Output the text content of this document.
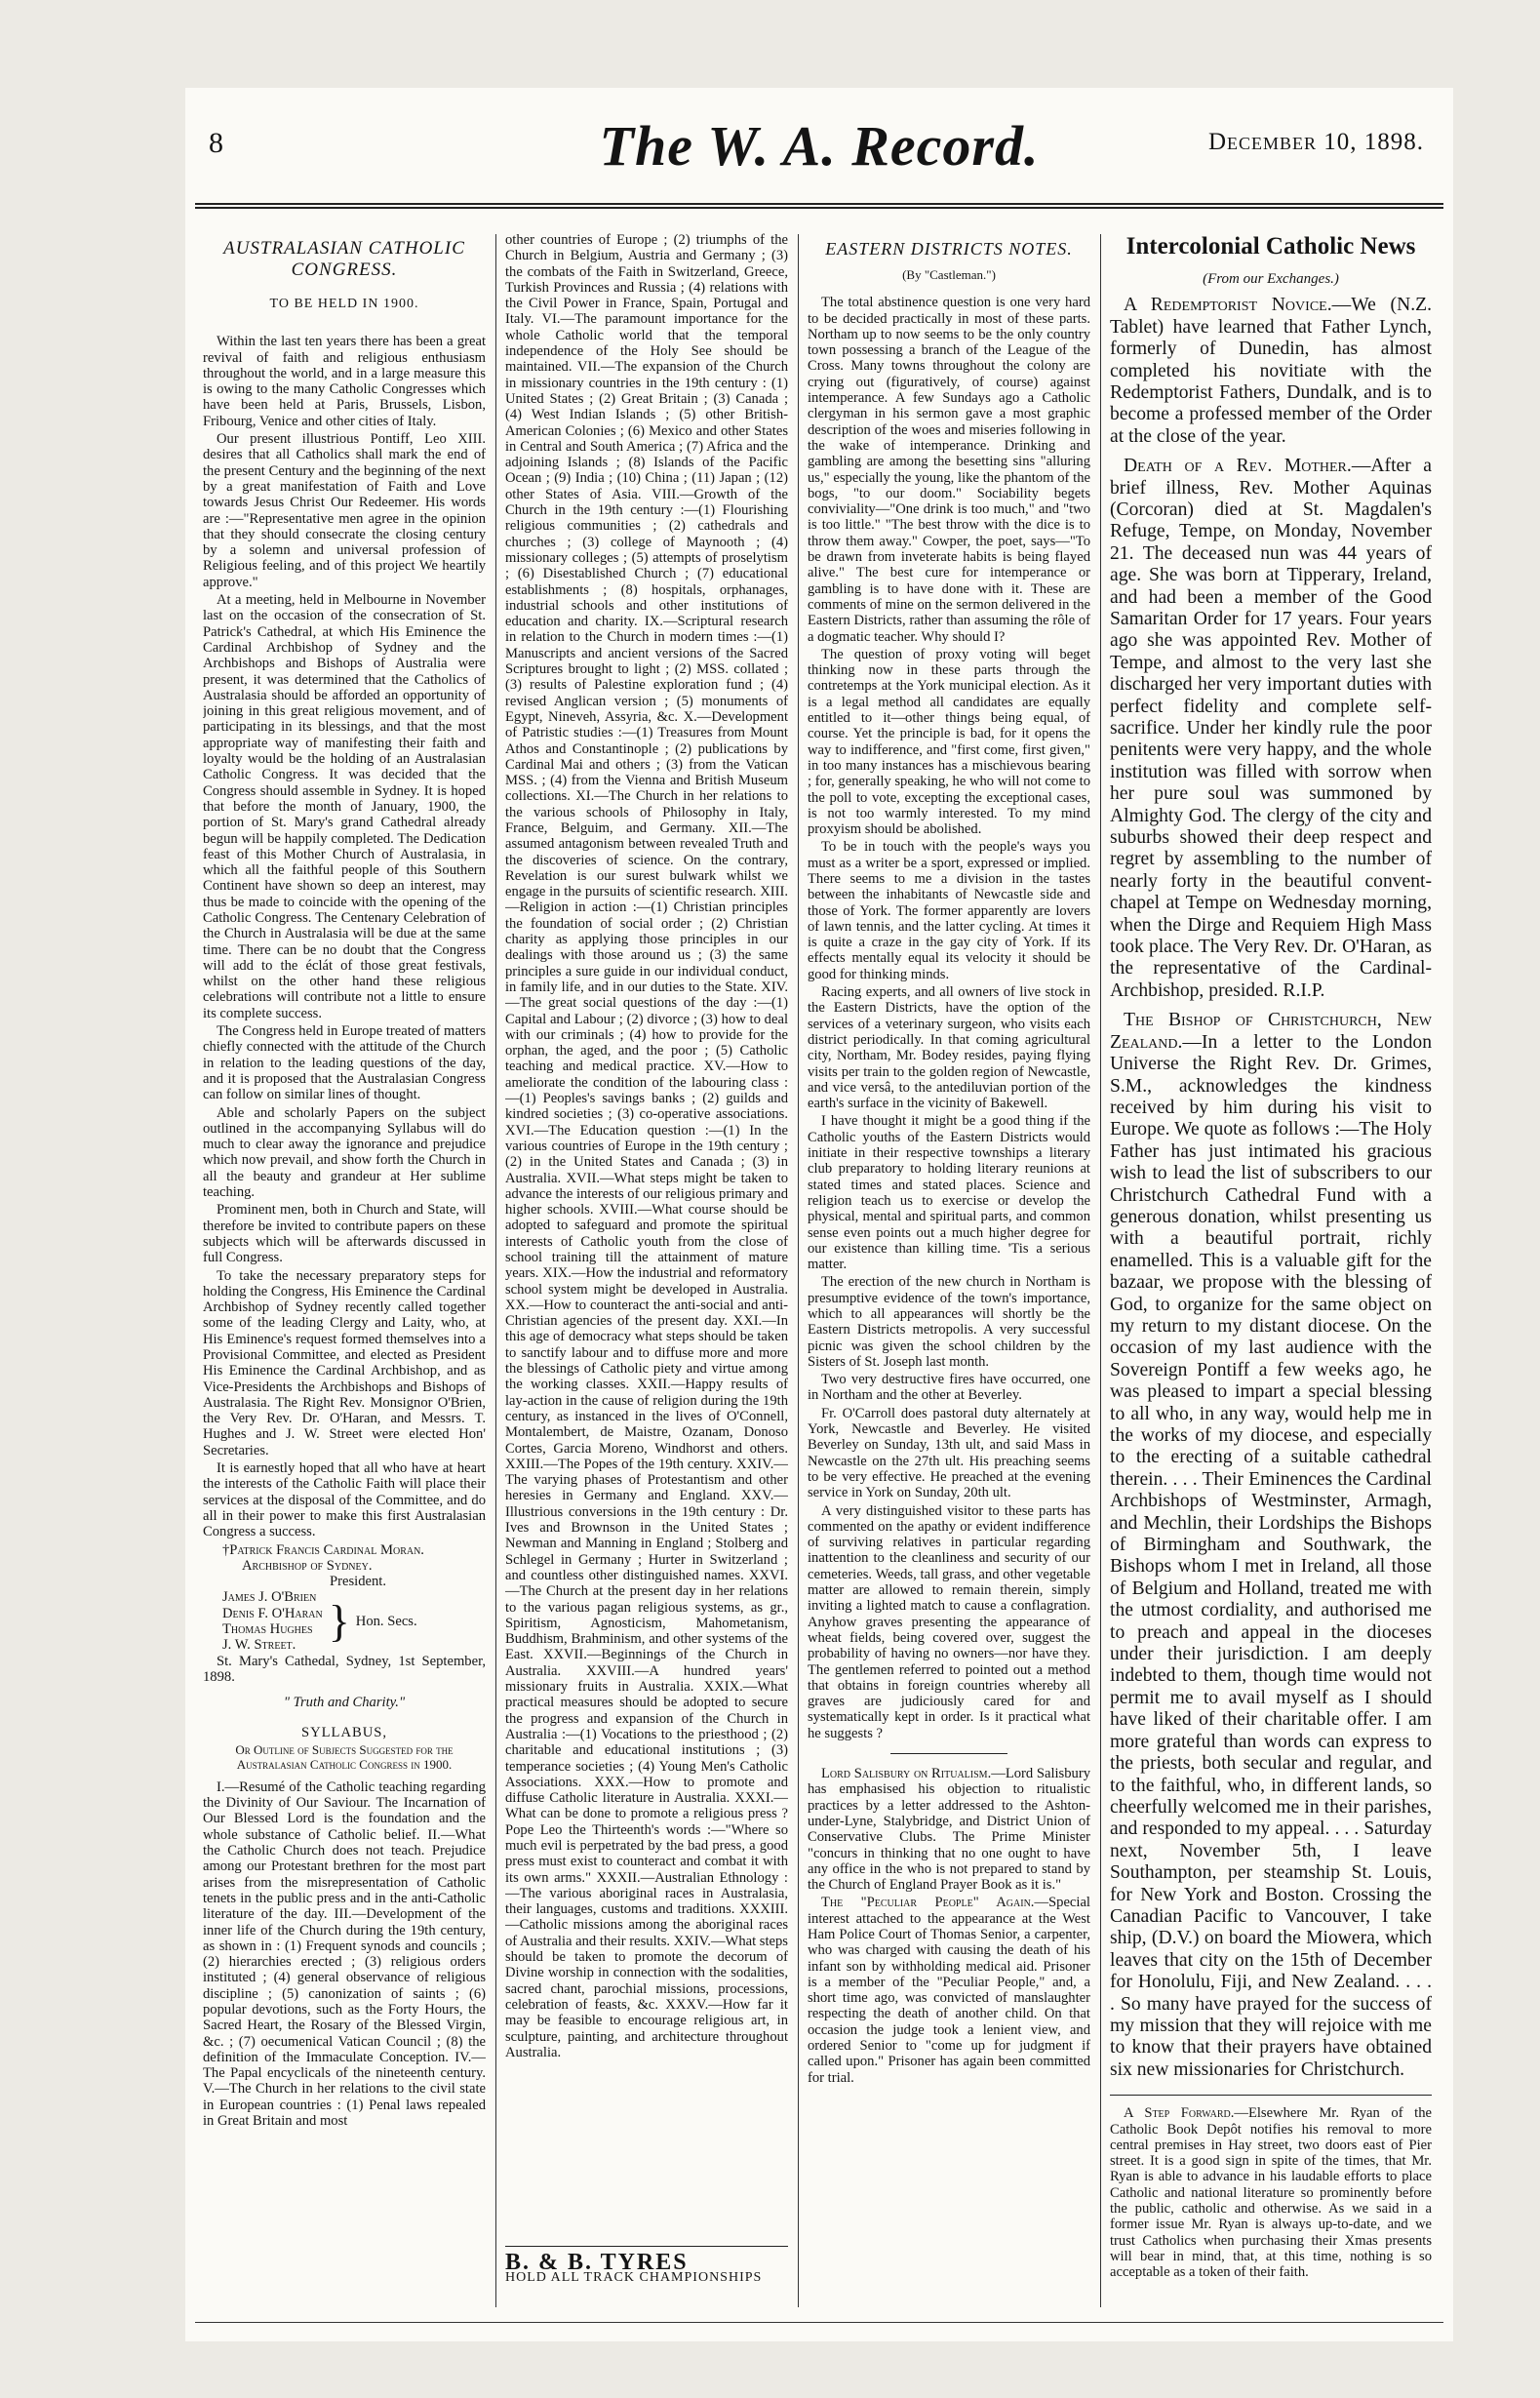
8	The W. A. Record.	December 10, 1898.
AUSTRALASIAN CATHOLIC
CONGRESS.
TO BE HELD IN 1900.
Within the last ten years there has been a great revival of faith and religious enthusiasm throughout the world, and in a large measure this is owing to the many Catholic Congresses which have been held at Paris, Brussels, Lisbon, Fribourg, Venice and other cities of Italy.
Our present illustrious Pontiff, Leo XIII. desires that all Catholics shall mark the end of the present Century and the beginning of the next by a great manifestation of Faith and Love towards Jesus Christ Our Redeemer. His words are :—"Representative men agree in the opinion that they should consecrate the closing century by a solemn and universal profession of Religious feeling, and of this project We heartily approve."
At a meeting, held in Melbourne in November last on the occasion of the consecration of St. Patrick's Cathedral, at which His Eminence the Cardinal Archbishop of Sydney and the Archbishops and Bishops of Australia were present, it was determined that the Catholics of Australasia should be afforded an opportunity of joining in this great religious movement, and of participating in its blessings, and that the most appropriate way of manifesting their faith and loyalty would be the holding of an Australasian Catholic Congress. It was decided that the Congress should assemble in Sydney. It is hoped that before the month of January, 1900, the portion of St. Mary's grand Cathedral already begun will be happily completed. The Dedication feast of this Mother Church of Australasia, in which all the faithful people of this Southern Continent have shown so deep an interest, may thus be made to coincide with the opening of the Catholic Congress. The Centenary Celebration of the Church in Australasia will be due at the same time. There can be no doubt that the Congress will add to the éclát of those great festivals, whilst on the other hand these religious celebrations will contribute not a little to ensure its complete success.
The Congress held in Europe treated of matters chiefly connected with the attitude of the Church in relation to the leading questions of the day, and it is proposed that the Australasian Congress can follow on similar lines of thought.
Able and scholarly Papers on the subject outlined in the accompanying Syllabus will do much to clear away the ignorance and prejudice which now prevail, and show forth the Church in all the beauty and grandeur at Her sublime teaching.
Prominent men, both in Church and State, will therefore be invited to contribute papers on these subjects which will be afterwards discussed in full Congress.
To take the necessary preparatory steps for holding the Congress, His Eminence the Cardinal Archbishop of Sydney recently called together some of the leading Clergy and Laity, who, at His Eminence's request formed themselves into a Provisional Committee, and elected as President His Eminence the Cardinal Archbishop, and as Vice-Presidents the Archbishops and Bishops of Australasia. The Right Rev. Monsignor O'Brien, the Very Rev. Dr. O'Haran, and Messrs. T. Hughes and J. W. Street were elected Hon' Secretaries.
It is earnestly hoped that all who have at heart the interests of the Catholic Faith will place their services at the disposal of the Committee, and do all in their power to make this first Australasian Congress a success.
†Patrick Francis Cardinal Moran.
Archbishop of Sydney.
President.
James J. O'Brien
Denis F. O'Haran
Thomas Hughes
J. W. Street. } Hon. Secs.
St. Mary's Cathedal, Sydney, 1st September, 1898.
" Truth and Charity."
SYLLABUS,
Or Outline of Subjects Suggested for the Australasian Catholic Congress in 1900.
I.—Resumé of the Catholic teaching regarding the Divinity of Our Saviour. The Incarnation of Our Blessed Lord is the foundation and the whole substance of Catholic belief. II.—What the Catholic Church does not teach. Prejudice among our Protestant brethren for the most part arises from the misrepresentation of Catholic tenets in the public press and in the anti-Catholic literature of the day. III.—Development of the inner life of the Church during the 19th century, as shown in : (1) Frequent synods and councils ; (2) hierarchies erected ; (3) religious orders instituted ; (4) general observance of religious discipline ; (5) canonization of saints ; (6) popular devotions, such as the Forty Hours, the Sacred Heart, the Rosary of the Blessed Virgin, &c. ; (7) oecumenical Vatican Council ; (8) the definition of the Immaculate Conception. IV.—The Papal encyclicals of the nineteenth century. V.—The Church in her relations to the civil state in European countries : (1) Penal laws repealed in Great Britain and most
other countries of Europe ; (2) triumphs of the Church in Belgium, Austria and Germany ; (3) the combats of the Faith in Switzerland, Greece, Turkish Provinces and Russia ; (4) relations with the Civil Power in France, Spain, Portugal and Italy. VI.—The paramount importance for the whole Catholic world that the temporal independence of the Holy See should be maintained. VII.—The expansion of the Church in missionary countries in the 19th century : (1) United States ; (2) Great Britain ; (3) Canada ; (4) West Indian Islands ; (5) other British-American Colonies ; (6) Mexico and other States in Central and South America ; (7) Africa and the adjoining Islands ; (8) Islands of the Pacific Ocean ; (9) India ; (10) China ; (11) Japan ; (12) other States of Asia. VIII.—Growth of the Church in the 19th century :—(1) Flourishing religious communities ; (2) cathedrals and churches ; (3) college of Maynooth ; (4) missionary colleges ; (5) attempts of proselytism ; (6) Disestablished Church ; (7) educational establishments ; (8) hospitals, orphanages, industrial schools and other institutions of education and charity. IX.—Scriptural research in relation to the Church in modern times :—(1) Manuscripts and ancient versions of the Sacred Scriptures brought to light ; (2) MSS. collated ; (3) results of Palestine exploration fund ; (4) revised Anglican version ; (5) monuments of Egypt, Nineveh, Assyria, &c. X.—Development of Patristic studies :—(1) Treasures from Mount Athos and Constantinople ; (2) publications by Cardinal Mai and others ; (3) from the Vatican MSS. ; (4) from the Vienna and British Museum collections. XI.—The Church in her relations to the various schools of Philosophy in Italy, France, Belguim, and Germany. XII.—The assumed antagonism between revealed Truth and the discoveries of science. On the contrary, Revelation is our surest bulwark whilst we engage in the pursuits of scientific research. XIII.—Religion in action :—(1) Christian principles the foundation of social order ; (2) Christian charity as applying those principles in our dealings with those around us ; (3) the same principles a sure guide in our individual conduct, in family life, and in our duties to the State. XIV.—The great social questions of the day :—(1) Capital and Labour ; (2) divorce ; (3) how to deal with our criminals ; (4) how to provide for the orphan, the aged, and the poor ; (5) Catholic teaching and medical practice. XV.—How to ameliorate the condition of the labouring class :—(1) Peoples's savings banks ; (2) guilds and kindred societies ; (3) co-operative associations. XVI.—The Education question :—(1) In the various countries of Europe in the 19th century ; (2) in the United States and Canada ; (3) in Australia. XVII.—What steps might be taken to advance the interests of our religious primary and higher schools. XVIII.—What course should be adopted to safeguard and promote the spiritual interests of Catholic youth from the close of school training till the attainment of mature years. XIX.—How the industrial and reformatory school system might be developed in Australia. XX.—How to counteract the anti-social and anti-Christian agencies of the present day. XXI.—In this age of democracy what steps should be taken to sanctify labour and to diffuse more and more the blessings of Catholic piety and virtue among the working classes. XXII.—Happy results of lay-action in the cause of religion during the 19th century, as instanced in the lives of O'Connell, Montalembert, de Maistre, Ozanam, Donoso Cortes, Garcia Moreno, Windhorst and others. XXIII.—The Popes of the 19th century. XXIV.—The varying phases of Protestantism and other heresies in Germany and England. XXV.—Illustrious conversions in the 19th century : Dr. Ives and Brownson in the United States ; Newman and Manning in England ; Stolberg and Schlegel in Germany ; Hurter in Switzerland ; and countless other distinguished names. XXVI.—The Church at the present day in her relations to the various pagan religious systems, as gr., Spiritism, Agnosticism, Mahometanism, Buddhism, Brahminism, and other systems of the East. XXVII.—Beginnings of the Church in Australia. XXVIII.—A hundred years' missionary fruits in Australia. XXIX.—What practical measures should be adopted to secure the progress and expansion of the Church in Australia :—(1) Vocations to the priesthood ; (2) charitable and educational institutions ; (3) temperance societies ; (4) Young Men's Catholic Associations. XXX.—How to promote and diffuse Catholic literature in Australia. XXXI.—What can be done to promote a religious press ? Pope Leo the Thirteenth's words :—"Where so much evil is perpetrated by the bad press, a good press must exist to counteract and combat it with its own arms." XXXII.—Australian Ethnology :—The various aboriginal races in Australasia, their languages, customs and traditions. XXXIII.—Catholic missions among the aboriginal races of Australia and their results. XXIV.—What steps should be taken to promote the decorum of Divine worship in connection with the sodalities, sacred chant, parochial missions, processions, celebration of feasts, &c. XXXV.—How far it may be feasible to encourage religious art, in sculpture, painting, and architecture throughout Australia.
B. & B. TYRES
HOLD ALL TRACK CHAMPIONSHIPS
EASTERN DISTRICTS NOTES.
(By "Castleman.")
The total abstinence question is one very hard to be decided practically in most of these parts. Northam up to now seems to be the only country town possessing a branch of the League of the Cross. Many towns throughout the colony are crying out (figuratively, of course) against intemperance. A few Sundays ago a Catholic clergyman in his sermon gave a most graphic description of the woes and miseries following in the wake of intemperance. Drinking and gambling are among the besetting sins "alluring us," especially the young, like the phantom of the bogs, "to our doom." Sociability begets conviviality—"One drink is too much," and "two is too little." "The best throw with the dice is to throw them away." Cowper, the poet, says—"To be drawn from inveterate habits is being flayed alive." The best cure for intemperance or gambling is to have done with it. These are comments of mine on the sermon delivered in the Eastern Districts, rather than assuming the rôle of a dogmatic teacher. Why should I?
The question of proxy voting will beget thinking now in these parts through the contretemps at the York municipal election. As it is a legal method all candidates are equally entitled to it—other things being equal, of course. Yet the principle is bad, for it opens the way to indifference, and "first come, first given," in too many instances has a mischievous bearing ; for, generally speaking, he who will not come to the poll to vote, excepting the exceptional cases, is not too warmly interested. To my mind proxyism should be abolished.
To be in touch with the people's ways you must as a writer be a sport, expressed or implied. There seems to me a division in the tastes between the inhabitants of Newcastle side and those of York. The former apparently are lovers of lawn tennis, and the latter cycling. At times it is quite a craze in the gay city of York. If its effects mentally equal its velocity it should be good for thinking minds.
Racing experts, and all owners of live stock in the Eastern Districts, have the option of the services of a veterinary surgeon, who visits each district periodically. In that coming agricultural city, Northam, Mr. Bodey resides, paying flying visits per train to the golden region of Newcastle, and vice versâ, to the antediluvian portion of the earth's surface in the vicinity of Bakewell.
I have thought it might be a good thing if the Catholic youths of the Eastern Districts would initiate in their respective townships a literary club preparatory to holding literary reunions at stated times and stated places. Science and religion teach us to exercise or develop the physical, mental and spiritual parts, and common sense even points out a much higher degree for our existence than killing time. 'Tis a serious matter.
The erection of the new church in Northam is presumptive evidence of the town's importance, which to all appearances will shortly be the Eastern Districts metropolis. A very successful picnic was given the school children by the Sisters of St. Joseph last month.
Two very destructive fires have occurred, one in Northam and the other at Beverley.
Fr. O'Carroll does pastoral duty alternately at York, Newcastle and Beverley. He visited Beverley on Sunday, 13th ult, and said Mass in Newcastle on the 27th ult. His preaching seems to be very effective. He preached at the evening service in York on Sunday, 20th ult.
A very distinguished visitor to these parts has commented on the apathy or evident indifference of surviving relatives in particular regarding inattention to the cleanliness and security of our cemeteries. Weeds, tall grass, and other vegetable matter are allowed to remain therein, simply inviting a lighted match to cause a conflagration. Anyhow graves presenting the appearance of wheat fields, being covered over, suggest the probability of having no owners—nor have they. The gentlemen referred to pointed out a method that obtains in foreign countries whereby all graves are judiciously cared for and systematically kept in order. Is it practical what he suggests ?
Lord Salisbury on Ritualism.—Lord Salisbury has emphasised his objection to ritualistic practices by a letter addressed to the Ashton-under-Lyne, Stalybridge, and District Union of Conservative Clubs. The Prime Minister "concurs in thinking that no one ought to have any office in the who is not prepared to stand by the Church of England Prayer Book as it is."
The "Peculiar People" Again.—Special interest attached to the appearance at the West Ham Police Court of Thomas Senior, a carpenter, who was charged with causing the death of his infant son by withholding medical aid. Prisoner is a member of the "Peculiar People," and, a short time ago, was convicted of manslaughter respecting the death of another child. On that occasion the judge took a lenient view, and ordered Senior to "come up for judgment if called upon." Prisoner has again been committed for trial.
Intercolonial Catholic News
(From our Exchanges.)
A Redemptorist Novice.—We (N.Z. Tablet) have learned that Father Lynch, formerly of Dunedin, has almost completed his novitiate with the Redemptorist Fathers, Dundalk, and is to become a professed member of the Order at the close of the year.
Death of a Rev. Mother.—After a brief illness, Rev. Mother Aquinas (Corcoran) died at St. Magdalen's Refuge, Tempe, on Monday, November 21. The deceased nun was 44 years of age. She was born at Tipperary, Ireland, and had been a member of the Good Samaritan Order for 17 years. Four years ago she was appointed Rev. Mother of Tempe, and almost to the very last she discharged her very important duties with perfect fidelity and complete self-sacrifice. Under her kindly rule the poor penitents were very happy, and the whole institution was filled with sorrow when her pure soul was summoned by Almighty God. The clergy of the city and suburbs showed their deep respect and regret by assembling to the number of nearly forty in the beautiful convent-chapel at Tempe on Wednesday morning, when the Dirge and Requiem High Mass took place. The Very Rev. Dr. O'Haran, as the representative of the Cardinal-Archbishop, presided. R.I.P.
The Bishop of Christchurch, New Zealand.—In a letter to the London Universe the Right Rev. Dr. Grimes, S.M., acknowledges the kindness received by him during his visit to Europe. We quote as follows :—The Holy Father has just intimated his gracious wish to lead the list of subscribers to our Christchurch Cathedral Fund with a generous donation, whilst presenting us with a beautiful portrait, richly enamelled. This is a valuable gift for the bazaar, we propose with the blessing of God, to organize for the same object on my return to my distant diocese. On the occasion of my last audience with the Sovereign Pontiff a few weeks ago, he was pleased to impart a special blessing to all who, in any way, would help me in the works of my diocese, and especially to the erecting of a suitable cathedral therein. . . . Their Eminences the Cardinal Archbishops of Westminster, Armagh, and Mechlin, their Lordships the Bishops of Birmingham and Southwark, the Bishops whom I met in Ireland, all those of Belgium and Holland, treated me with the utmost cordiality, and authorised me to preach and appeal in the dioceses under their jurisdiction. I am deeply indebted to them, though time would not permit me to avail myself as I should have liked of their charitable offer. I am more grateful than words can express to the priests, both secular and regular, and to the faithful, who, in different lands, so cheerfully welcomed me in their parishes, and responded to my appeal. . . . Saturday next, November 5th, I leave Southampton, per steamship St. Louis, for New York and Boston. Crossing the Canadian Pacific to Vancouver, I take ship, (D.V.) on board the Miowera, which leaves that city on the 15th of December for Honolulu, Fiji, and New Zealand. . . . . So many have prayed for the success of my mission that they will rejoice with me to know that their prayers have obtained six new missionaries for Christchurch.
A Step Forward.—Elsewhere Mr. Ryan of the Catholic Book Depôt notifies his removal to more central premises in Hay street, two doors east of Pier street. It is a good sign in spite of the times, that Mr. Ryan is able to advance in his laudable efforts to place Catholic and national literature so prominently before the public, catholic and otherwise. As we said in a former issue Mr. Ryan is always up-to-date, and we trust Catholics when purchasing their Xmas presents will bear in mind, that, at this time, nothing is so acceptable as a token of their faith.
